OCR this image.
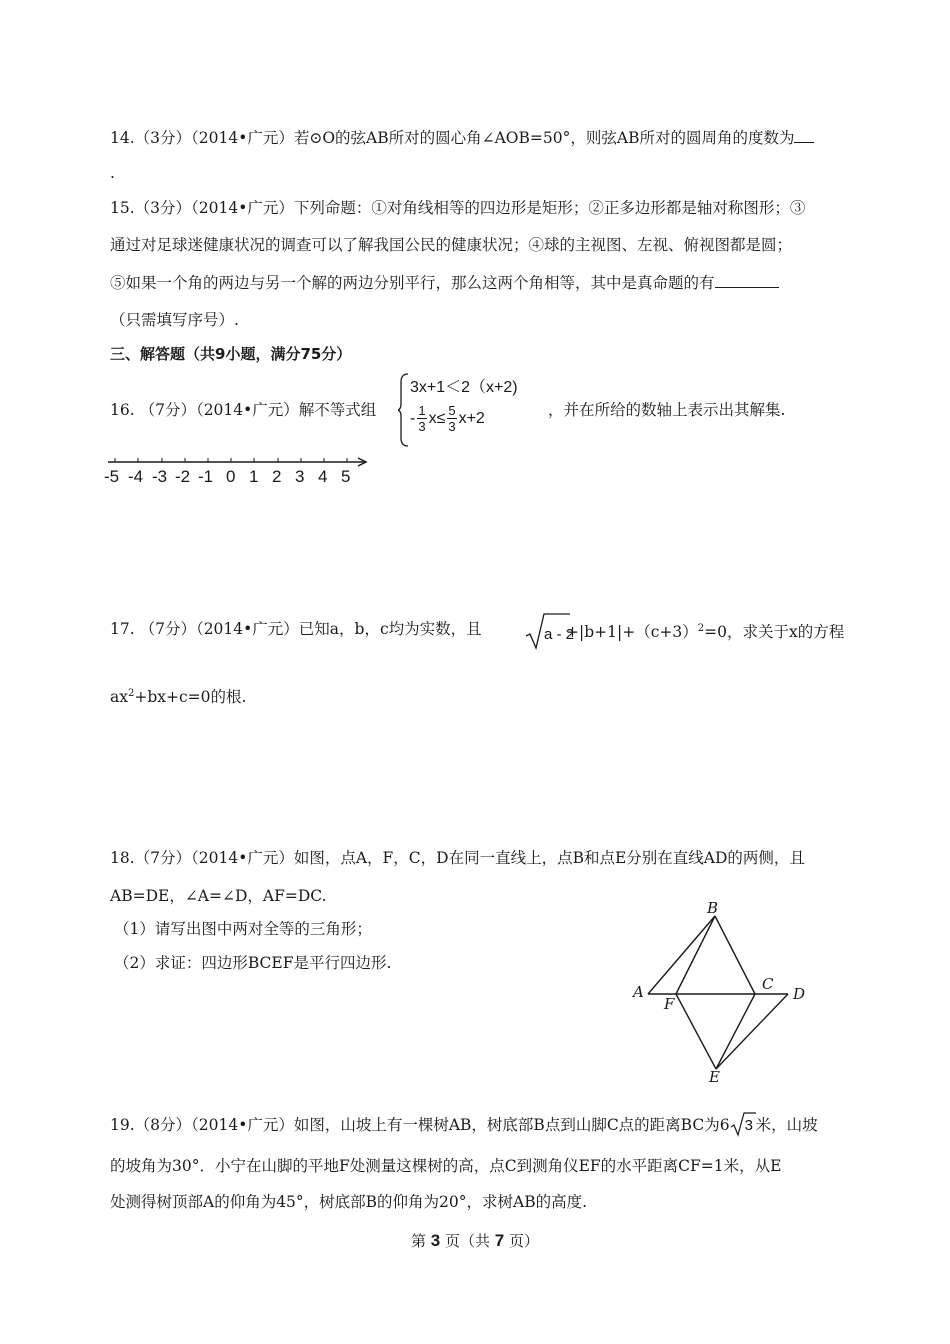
14.（3分）（2014•广元）若⊙O的弦AB所对的圆心角∠AOB=50°，则弦AB所对的圆周角的度数为
.
15.（3分）（2014•广元）下列命题：①对角线相等的四边形是矩形；②正多边形都是轴对称图形；③
通过对足球迷健康状况的调查可以了解我国公民的健康状况；④球的主视图、左视、俯视图都是圆；
⑤如果一个角的两边与另一个解的两边分别平行，那么这两个角相等，其中是真命题的有
（只需填写序号）.
三、解答题（共9小题，满分75分）
16. （7分）（2014•广元）解不等式组
3x+1＜2（x+2)
- $\frac{1}{3} x\le \frac{5}{3} x+2$	，并在所给的数轴上表示出其解集.
-5 -4 -3 -2 -1 0 1 2 3 4 5
17. （7分）（2014•广元）已知a，b，c均为实数，且	a - 2
$+|b+1|+(c+3)^2=0$，求关于x的方程
$ax^2+bx+c=0$的根.
18.（7分）（2014•广元）如图，点A，F，C，D在同一直线上，点B和点E分别在直线AD的两侧，且
AB=DE，∠A=∠D，AF=DC.
（1）请写出图中两对全等的三角形；
（2）求证：四边形BCEF是平行四边形.
B
A
F
C
D
E
19.（8分）（2014•广元）如图，山坡上有一棵树AB，树底部B点到山脚C点的距离BC为6 3 米，山坡
的坡角为30°．小宁在山脚的平地F处测量这棵树的高，点C到测角仪EF的水平距离CF=1米，从E
处测得树顶部A的仰角为45°，树底部B的仰角为20°，求树AB的高度.
第 3 页（共 7 页）
